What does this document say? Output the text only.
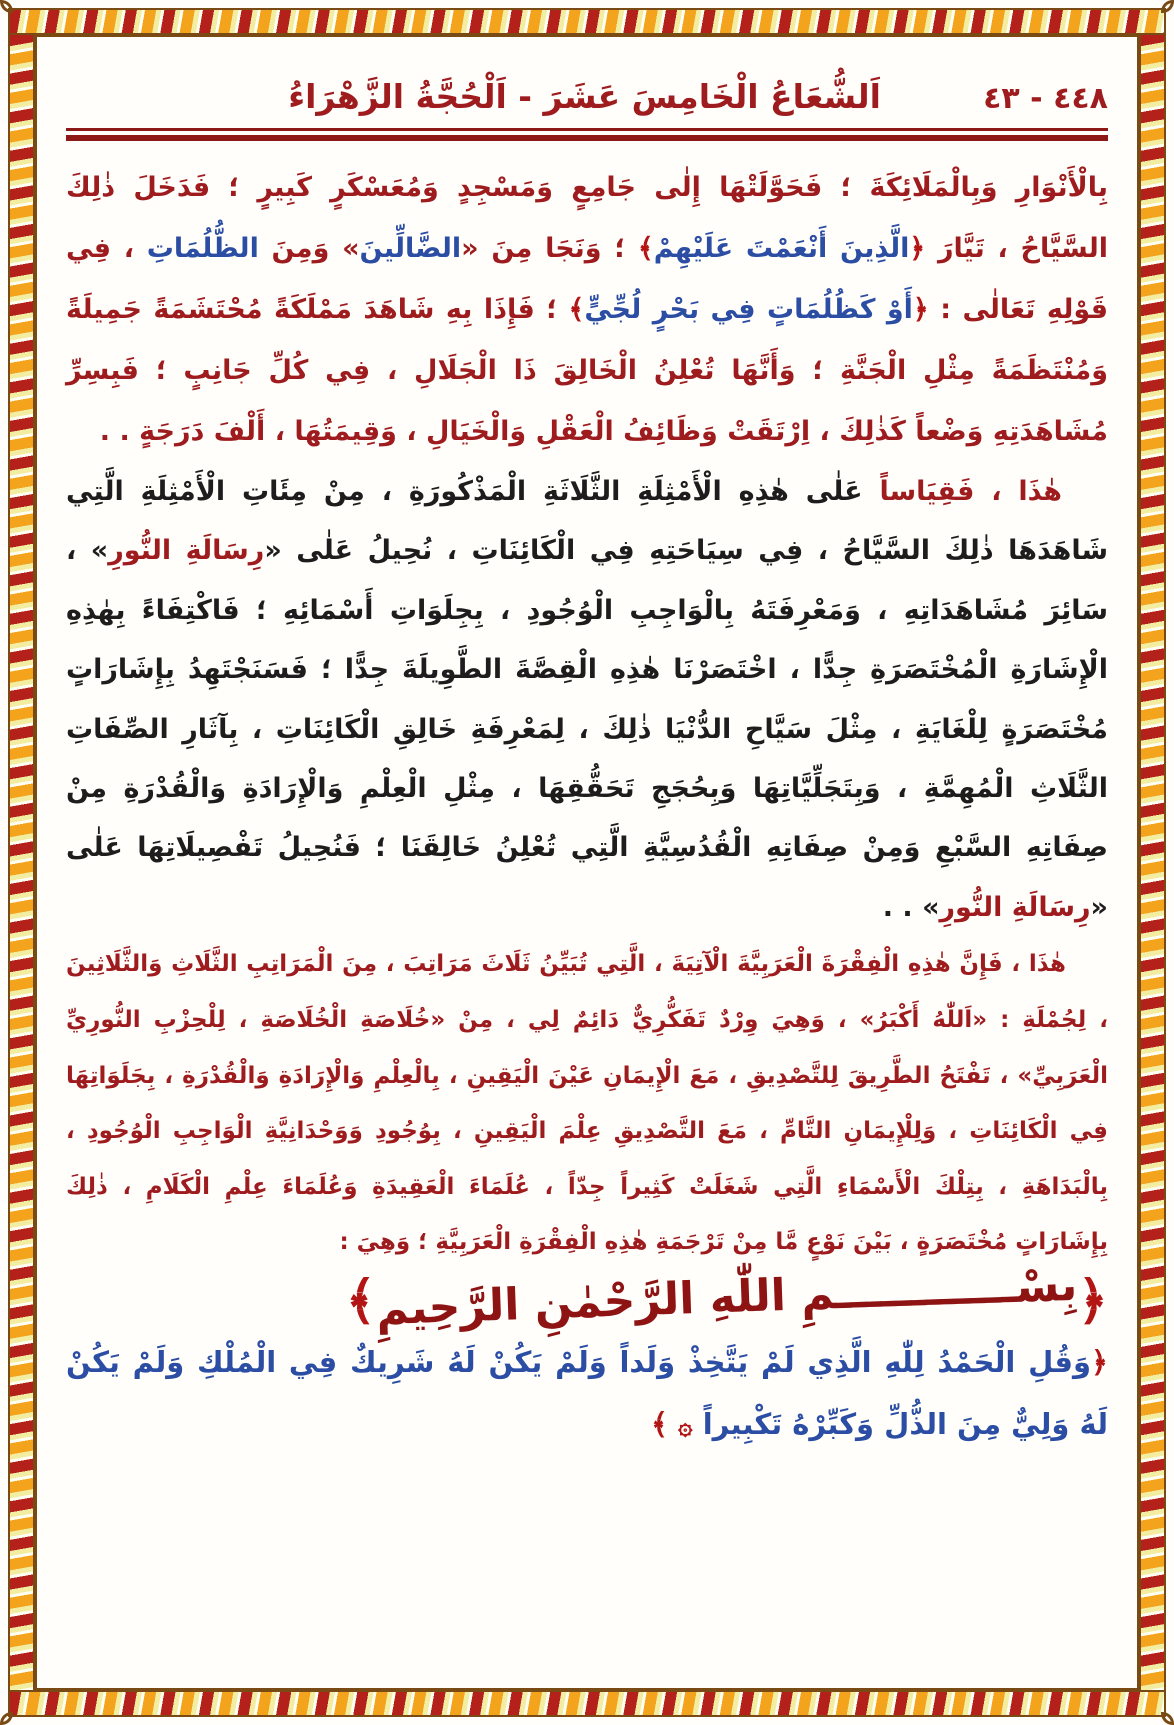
٤٤٨ - ٤٣
اَلشُّعَاعُ الْخَامِسَ عَشَرَ - اَلْحُجَّةُ الزَّهْرَاءُ

بِالْأَنْوَارِ وَبِالْمَلَائِكَةَ ؛ فَحَوَّلَتْهَا إِلٰى جَامِعٍ وَمَسْجِدٍ وَمُعَسْكَرٍ كَبِيرٍ ؛ فَدَخَلَ ذٰلِكَ السَّيَّاحُ ، تَيَّارَ ﴿الَّذِينَ أَنْعَمْتَ عَلَيْهِمْ﴾ ؛ وَنَجَا مِنَ «الضَّالِّينَ» وَمِنَ الظُّلُمَاتِ ، فِي قَوْلِهِ تَعَالٰى : ﴿أَوْ كَظُلُمَاتٍ فِي بَحْرٍ لُجِّيٍّ﴾ ؛ فَإِذَا بِهِ شَاهَدَ مَمْلَكَةً مُحْتَشَمَةً جَمِيلَةً وَمُنْتَظَمَةً مِثْلِ الْجَنَّةِ ؛ وَأَنَّهَا تُعْلِنُ الْخَالِقَ ذَا الْجَلَالِ ، فِي كُلِّ جَانِبٍ ؛ فَبِسِرِّ مُشَاهَدَتِهِ وَضْعاً كَذٰلِكَ ، اِرْتَقَتْ وَظَائِفُ الْعَقْلِ وَالْخَيَالِ ، وَقِيمَتُهَا ، أَلْفَ دَرَجَةٍ . .

هٰذَا ، فَقِيَاساً عَلٰى هٰذِهِ الْأَمْثِلَةِ الثَّلَاثَةِ الْمَذْكُورَةِ ، مِنْ مِئَاتِ الْأَمْثِلَةِ الَّتِي شَاهَدَهَا ذٰلِكَ السَّيَّاحُ ، فِي سِيَاحَتِهِ فِي الْكَائِنَاتِ ، نُحِيلُ عَلٰى «رِسَالَةِ النُّورِ» ، سَائِرَ مُشَاهَدَاتِهِ ، وَمَعْرِفَتَهُ بِالْوَاجِبِ الْوُجُودِ ، بِجِلَوَاتِ أَسْمَائِهِ ؛ فَاكْتِفَاءً بِهٰذِهِ الْإِشَارَةِ الْمُخْتَصَرَةِ جِدًّا ، اخْتَصَرْنَا هٰذِهِ الْقِصَّةَ الطَّوِيلَةَ جِدًّا ؛ فَسَنَجْتَهِدُ بِإِشَارَاتٍ مُخْتَصَرَةٍ لِلْغَايَةِ ، مِثْلَ سَيَّاحِ الدُّنْيَا ذٰلِكَ ، لِمَعْرِفَةِ خَالِقِ الْكَائِنَاتِ ، بِآثَارِ الصِّفَاتِ الثَّلَاثِ الْمُهِمَّةِ ، وَبِتَجَلِّيَّاتِهَا وَبِحُجَجِ تَحَقُّقِهَا ، مِثْلِ الْعِلْمِ وَالْإِرَادَةِ وَالْقُدْرَةِ مِنْ صِفَاتِهِ السَّبْعِ وَمِنْ صِفَاتِهِ الْقُدُسِيَّةِ الَّتِي تُعْلِنُ خَالِقَنَا ؛ فَنُحِيلُ تَفْصِيلَاتِهَا عَلٰى «رِسَالَةِ النُّورِ» . .

هٰذَا ، فَإِنَّ هٰذِهِ الْفِقْرَةَ الْعَرَبِيَّةَ الْآتِيَةَ ، الَّتِي تُبَيِّنُ ثَلَاثَ مَرَاتِبَ ، مِنَ الْمَرَاتِبِ الثَّلَاثِ وَالثَّلَاثِينَ ، لِجُمْلَةِ : «اَللّٰهُ أَكْبَرُ» ، وَهِيَ وِرْدٌ تَفَكُّرِيٌّ دَائِمٌ لِي ، مِنْ «خُلَاصَةِ الْخُلَاصَةِ ، لِلْحِزْبِ النُّورِيِّ الْعَرَبِيِّ» ، تَفْتَحُ الطَّرِيقَ لِلتَّصْدِيقِ ، مَعَ الْإِيمَانِ عَيْنَ الْيَقِينِ ، بِالْعِلْمِ وَالْإِرَادَةِ وَالْقُدْرَةِ ، بِجَلَوَاتِهَا فِي الْكَائِنَاتِ ، وَلِلْإِيمَانِ التَّامِّ ، مَعَ التَّصْدِيقِ عِلْمَ الْيَقِينِ ، بِوُجُودِ وَوَحْدَانِيَّةِ الْوَاجِبِ الْوُجُودِ ، بِالْبَدَاهَةِ ، بِتِلْكَ الْأَسْمَاءِ الَّتِي شَغَلَتْ كَثِيراً جِدّاً ، عُلَمَاءَ الْعَقِيدَةِ وَعُلَمَاءَ عِلْمِ الْكَلَامِ ، ذٰلِكَ بِإِشَارَاتٍ مُخْتَصَرَةٍ ، بَيْنَ نَوْعٍ مَّا مِنْ تَرْجَمَةِ هٰذِهِ الْفِقْرَةِ الْعَرَبِيَّةِ ؛ وَهِيَ :

﴿بِسْــــــــــــمِ اللّٰهِ الرَّحْمٰنِ الرَّحِيمِ﴾

﴿وَقُلِ الْحَمْدُ لِلّٰهِ الَّذِي لَمْ يَتَّخِذْ وَلَداً وَلَمْ يَكُنْ لَهُ شَرِيكٌ فِي الْمُلْكِ وَلَمْ يَكُنْ لَهُ وَلِيٌّ مِنَ الذُّلِّ وَكَبِّرْهُ تَكْبِيراً ۞ ﴾
